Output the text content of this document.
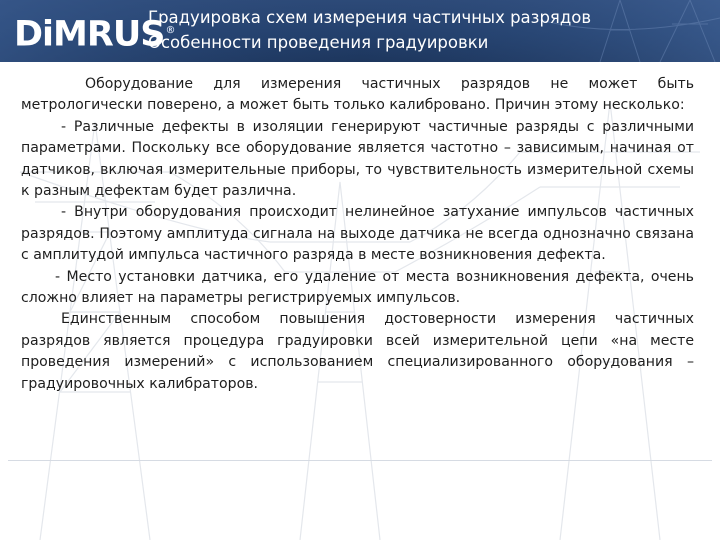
DiMRUS®
Градуировка схем измерения частичных разрядов
Особенности проведения градуировки

Оборудование для измерения частичных разрядов не может быть метрологически поверено, а может быть только калибровано. Причин этому несколько:

- Различные дефекты в изоляции генерируют частичные разряды с различными параметрами. Поскольку все оборудование является частотно – зависимым, начиная от датчиков, включая измерительные приборы, то чувствительность измерительной схемы к разным дефектам будет различна.

- Внутри оборудования происходит нелинейное затухание импульсов частичных разрядов. Поэтому амплитуда сигнала на выходе датчика не всегда однозначно связана с амплитудой импульса частичного разряда в месте возникновения дефекта.

- Место установки датчика, его удаление от места возникновения дефекта, очень сложно влияет на параметры регистрируемых импульсов.

Единственным способом повышения достоверности измерения частичных разрядов является процедура градуировки всей измерительной цепи «на месте проведения измерений» с использованием специализированного оборудования – градуировочных калибраторов.
